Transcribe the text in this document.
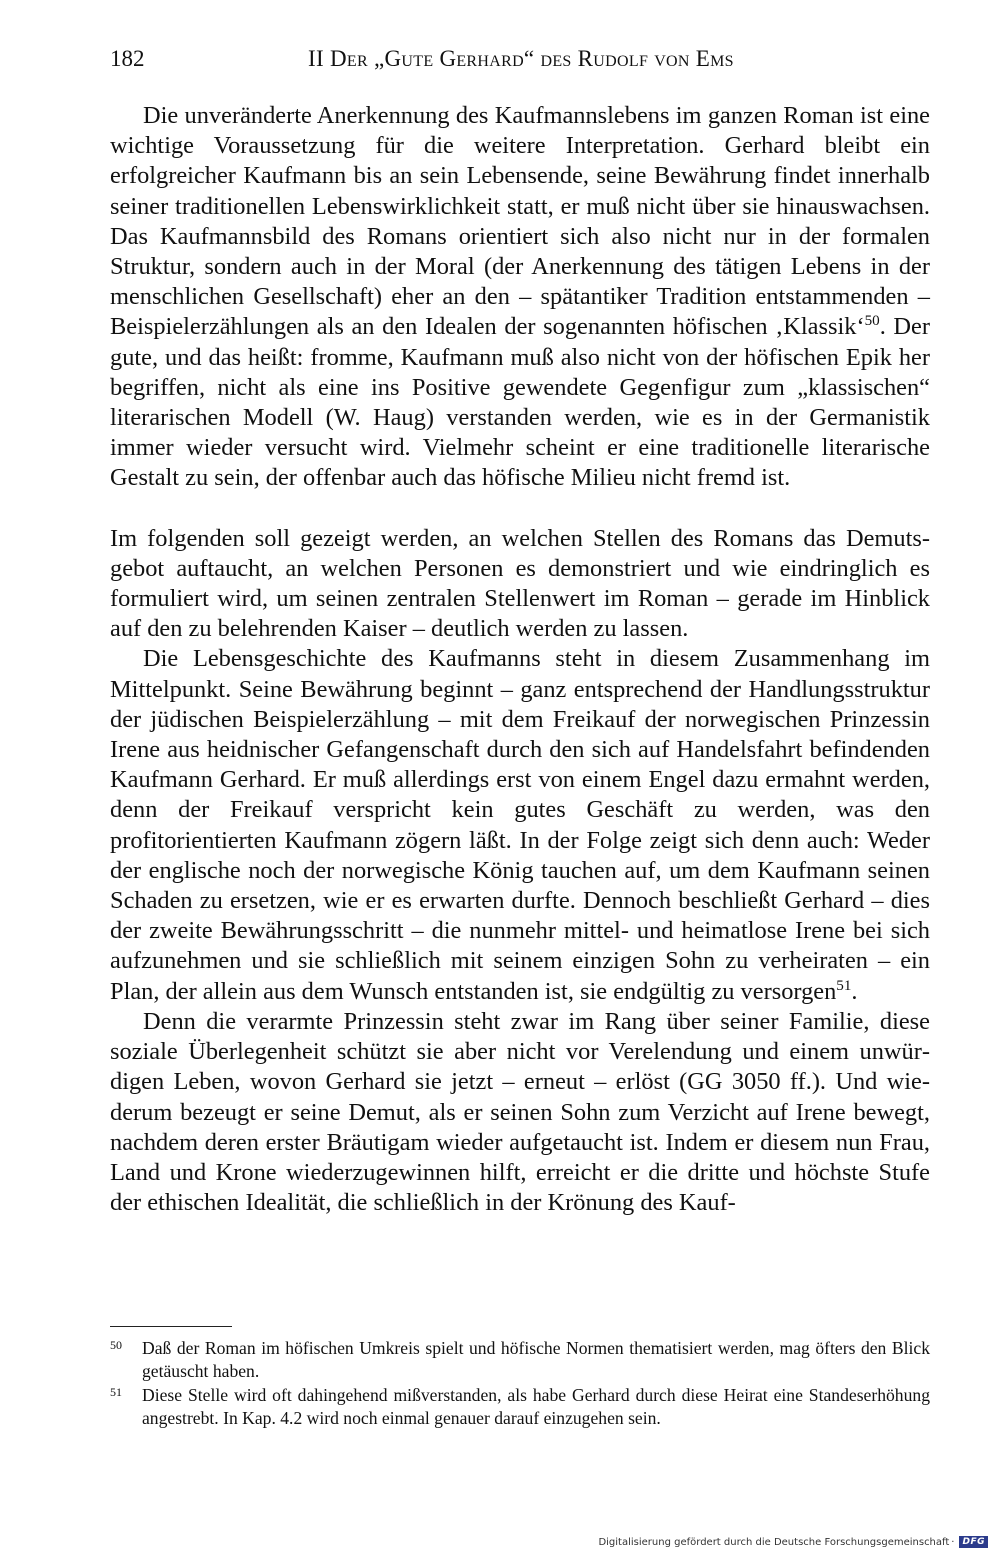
182	II Der „Gute Gerhard“ des Rudolf von Ems

Die unveränderte Anerkennung des Kaufmannslebens im ganzen Roman ist eine wichtige Voraussetzung für die weitere Interpretation. Gerhard bleibt ein erfolgreicher Kaufmann bis an sein Lebensende, seine Bewährung findet innerhalb seiner traditionellen Lebenswirklichkeit statt, er muß nicht über sie hinauswachsen. Das Kaufmannsbild des Romans orientiert sich also nicht nur in der formalen Struktur, sondern auch in der Moral (der Anerkennung des tätigen Lebens in der menschlichen Gesellschaft) eher an den – spätantiker Tradition entstammenden – Beispielerzählungen als an den Idealen der sogenannten höfischen ‚Klassik‘$^{50}$. Der gute, und das heißt: fromme, Kaufmann muß also nicht von der höfischen Epik her begriffen, nicht als eine ins Positive gewendete Gegenfigur zum „klassischen“ literarischen Modell (W. Haug) verstanden werden, wie es in der Germanistik immer wieder versucht wird. Vielmehr scheint er eine traditionelle literarische Gestalt zu sein, der offenbar auch das höfische Milieu nicht fremd ist.

Im folgenden soll gezeigt werden, an welchen Stellen des Romans das Demutsgebot auftaucht, an welchen Personen es demonstriert und wie eindringlich es formuliert wird, um seinen zentralen Stellenwert im Roman – gerade im Hinblick auf den zu belehrenden Kaiser – deutlich werden zu lassen.

Die Lebensgeschichte des Kaufmanns steht in diesem Zusammenhang im Mittelpunkt. Seine Bewährung beginnt – ganz entsprechend der Handlungsstruktur der jüdischen Beispielerzählung – mit dem Freikauf der norwegischen Prinzessin Irene aus heidnischer Gefangenschaft durch den sich auf Handelsfahrt befindenden Kaufmann Gerhard. Er muß allerdings erst von einem Engel dazu ermahnt werden, denn der Freikauf verspricht kein gutes Geschäft zu werden, was den profitorientierten Kaufmann zögern läßt. In der Folge zeigt sich denn auch: Weder der englische noch der norwegische König tauchen auf, um dem Kaufmann seinen Schaden zu ersetzen, wie er es erwarten durfte. Dennoch beschließt Gerhard – dies der zweite Bewährungsschritt – die nunmehr mittel- und heimatlose Irene bei sich aufzunehmen und sie schließlich mit seinem einzigen Sohn zu verheiraten – ein Plan, der allein aus dem Wunsch entstanden ist, sie endgültig zu versorgen$^{51}$.

Denn die verarmte Prinzessin steht zwar im Rang über seiner Familie, diese soziale Überlegenheit schützt sie aber nicht vor Verelendung und einem unwürdigen Leben, wovon Gerhard sie jetzt – erneut – erlöst (GG 3050 ff.). Und wiederum bezeugt er seine Demut, als er seinen Sohn zum Verzicht auf Irene bewegt, nachdem deren erster Bräutigam wieder aufgetaucht ist. Indem er diesem nun Frau, Land und Krone wiederzugewinnen hilft, erreicht er die dritte und höchste Stufe der ethischen Idealität, die schließlich in der Krönung des Kauf-

50 Daß der Roman im höfischen Umkreis spielt und höfische Normen thematisiert werden, mag öfters den Blick getäuscht haben.
51 Diese Stelle wird oft dahingehend mißverstanden, als habe Gerhard durch diese Heirat eine Standeserhöhung angestrebt. In Kap. 4.2 wird noch einmal genauer darauf einzugehen sein.
Digitalisierung gefördert durch die Deutsche Forschungsgemeinschaft · DFG
